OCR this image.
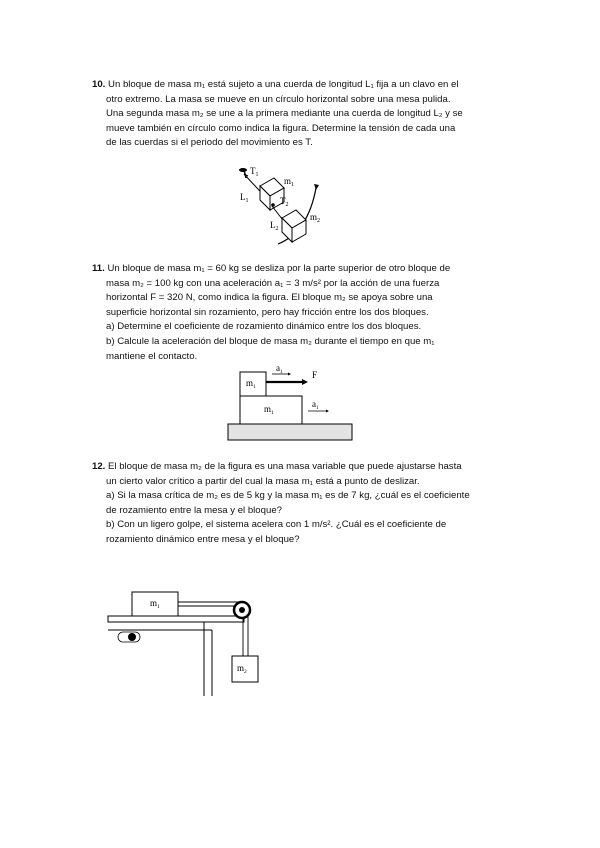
10. Un bloque de masa m₁ está sujeto a una cuerda de longitud L₁ fija a un clavo en el

otro extremo. La masa se mueve en un círculo horizontal sobre una mesa pulida.

Una segunda masa m₂ se une a la primera mediante una cuerda de longitud L₂ y se

mueve también en círculo como indica la figura. Determine la tensión de cada una

de las cuerdas si el periodo del movimiento es T.

$T_1$
$L_1$	$T_2$
$L_2$
$m_1$
$m_2$

11. Un bloque de masa m₁ = 60 kg se desliza por la parte superior de otro bloque de

masa m₂ = 100 kg con una aceleración a₁ = 3 m/s² por la acción de una fuerza

horizontal F = 320 N, como indica la figura. El bloque m₂ se apoya sobre una

superficie horizontal sin rozamiento, pero hay fricción entre los dos bloques.

a) Determine el coeficiente de rozamiento dinámico entre los dos bloques.

b) Calcule la aceleración del bloque de masa m₂ durante el tiempo en que m₁

mantiene el contacto.

$m_1$
$m_1$
$a_1$	F
$a_1$

12. El bloque de masa m₂ de la figura es una masa variable que puede ajustarse hasta

un cierto valor crítico a partir del cual la masa m₁ está a punto de deslizar.

a) Si la masa crítica de m₂ es de 5 kg y la masa m₁ es de 7 kg, ¿cuál es el coeficiente

de rozamiento entre la mesa y el bloque?

b) Con un ligero golpe, el sistema acelera con 1 m/s². ¿Cuál es el coeficiente de

rozamiento dinámico entre mesa y el bloque?

$m_1$
$m_2$
